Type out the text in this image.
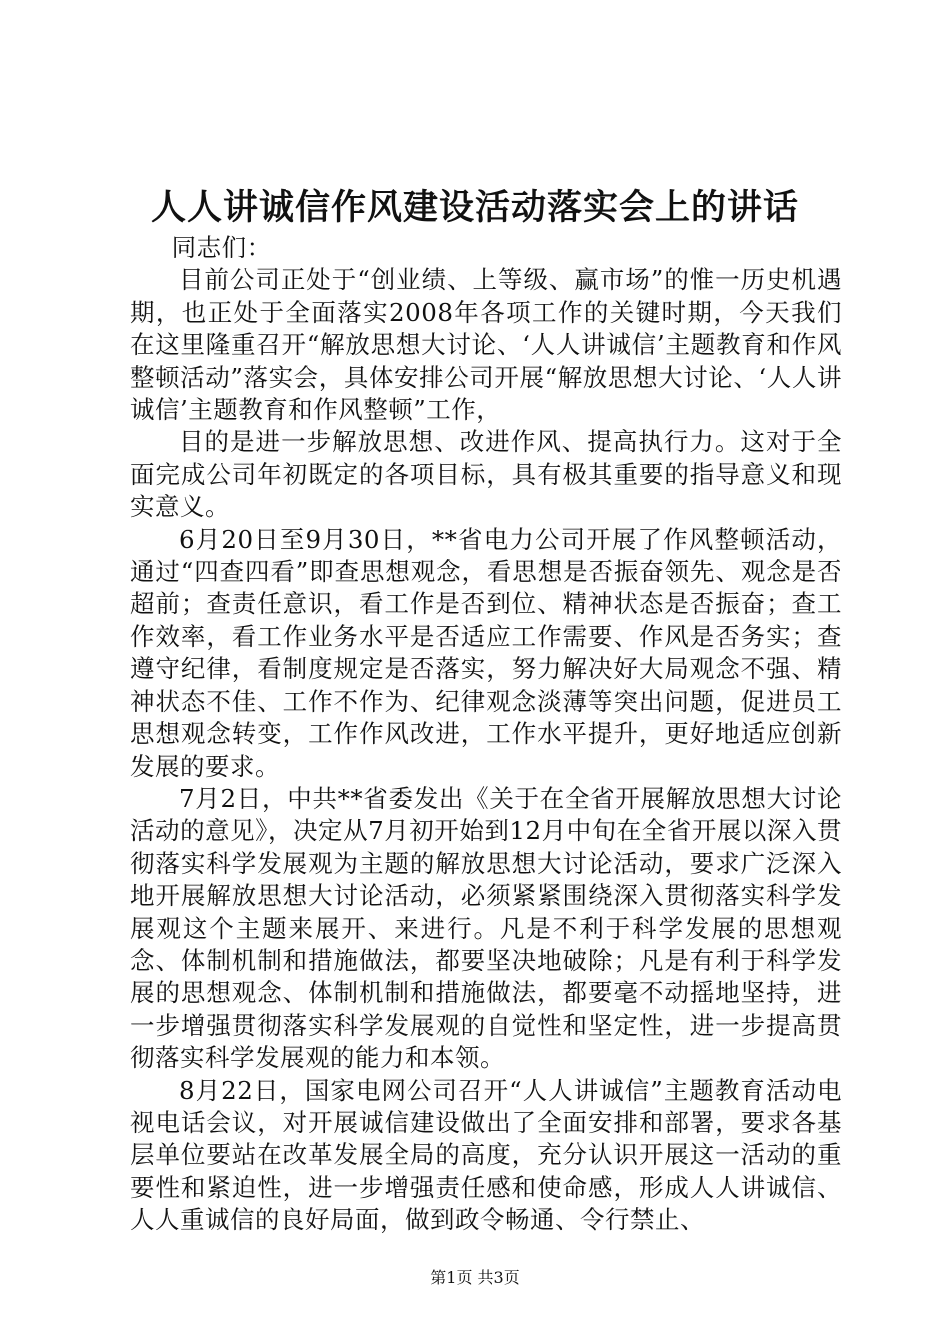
人人讲诚信作风建设活动落实会上的讲话

同志们：

目前公司正处于“创业绩、上等级、赢市场”的惟一历史机遇期，也正处于全面落实2008年各项工作的关键时期，今天我们在这里隆重召开“解放思想大讨论、‘人人讲诚信’主题教育和作风整顿活动”落实会，具体安排公司开展“解放思想大讨论、‘人人讲诚信’主题教育和作风整顿”工作，

目的是进一步解放思想、改进作风、提高执行力。这对于全面完成公司年初既定的各项目标，具有极其重要的指导意义和现实意义。

6月20日至9月30日，**省电力公司开展了作风整顿活动，通过“四查四看”即查思想观念，看思想是否振奋领先、观念是否超前；查责任意识，看工作是否到位、精神状态是否振奋；查工作效率，看工作业务水平是否适应工作需要、作风是否务实；查遵守纪律，看制度规定是否落实，努力解决好大局观念不强、精神状态不佳、工作不作为、纪律观念淡薄等突出问题，促进员工思想观念转变，工作作风改进，工作水平提升，更好地适应创新发展的要求。

7月2日，中共**省委发出《关于在全省开展解放思想大讨论活动的意见》，决定从7月初开始到12月中旬在全省开展以深入贯彻落实科学发展观为主题的解放思想大讨论活动，要求广泛深入地开展解放思想大讨论活动，必须紧紧围绕深入贯彻落实科学发展观这个主题来展开、来进行。凡是不利于科学发展的思想观念、体制机制和措施做法，都要坚决地破除；凡是有利于科学发展的思想观念、体制机制和措施做法，都要毫不动摇地坚持，进一步增强贯彻落实科学发展观的自觉性和坚定性，进一步提高贯彻落实科学发展观的能力和本领。

8月22日，国家电网公司召开“人人讲诚信”主题教育活动电视电话会议，对开展诚信建设做出了全面安排和部署，要求各基层单位要站在改革发展全局的高度，充分认识开展这一活动的重要性和紧迫性，进一步增强责任感和使命感，形成人人讲诚信、人人重诚信的良好局面，做到政令畅通、令行禁止、

第1页 共3页
